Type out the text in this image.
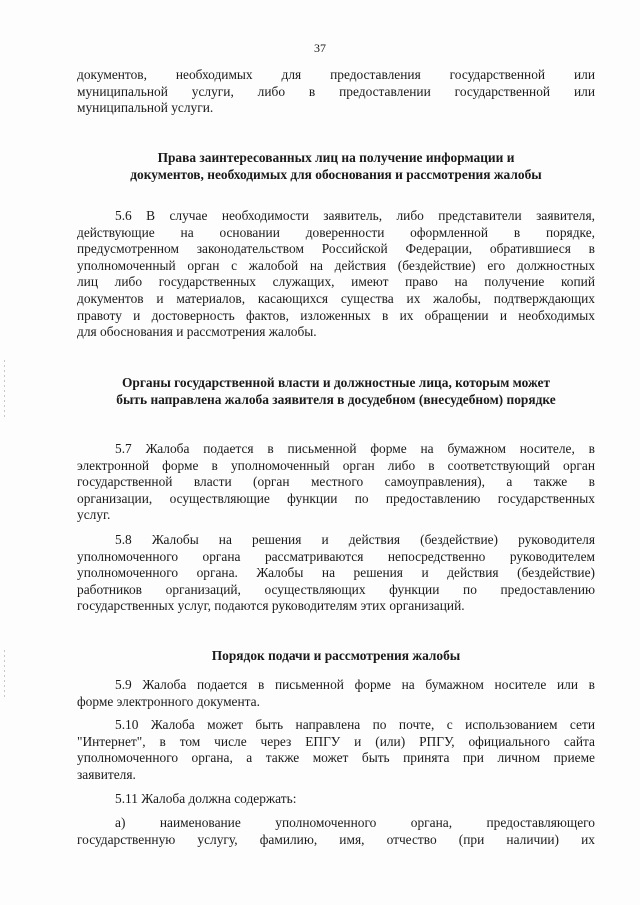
37
документов, необходимых для предоставления государственной или
муниципальной услуги, либо в предоставлении государственной или
муниципальной услуги.
Права заинтересованных лиц на получение информации и
документов, необходимых для обоснования и рассмотрения жалобы
5.6 В случае необходимости заявитель, либо представители заявителя,
действующие на основании доверенности оформленной в порядке,
предусмотренном законодательством Российской Федерации, обратившиеся в
уполномоченный орган с жалобой на действия (бездействие) его должностных
лиц либо государственных служащих, имеют право на получение копий
документов и материалов, касающихся существа их жалобы, подтверждающих
правоту и достоверность фактов, изложенных в их обращении и необходимых
для обоснования и рассмотрения жалобы.
Органы государственной власти и должностные лица, которым может
быть направлена жалоба заявителя в досудебном (внесудебном) порядке
5.7 Жалоба подается в письменной форме на бумажном носителе, в
электронной форме в уполномоченный орган либо в соответствующий орган
государственной власти (орган местного самоуправления), а также в
организации, осуществляющие функции по предоставлению государственных
услуг.
5.8 Жалобы на решения и действия (бездействие) руководителя
уполномоченного органа рассматриваются непосредственно руководителем
уполномоченного органа. Жалобы на решения и действия (бездействие)
работников организаций, осуществляющих функции по предоставлению
государственных услуг, подаются руководителям этих организаций.
Порядок подачи и рассмотрения жалобы
5.9 Жалоба подается в письменной форме на бумажном носителе или в
форме электронного документа.
5.10 Жалоба может быть направлена по почте, с использованием сети
"Интернет", в том числе через ЕПГУ и (или) РПГУ, официального сайта
уполномоченного органа, а также может быть принята при личном приеме
заявителя.
5.11 Жалоба должна содержать:
а) наименование уполномоченного органа, предоставляющего
государственную услугу, фамилию, имя, отчество (при наличии) их
